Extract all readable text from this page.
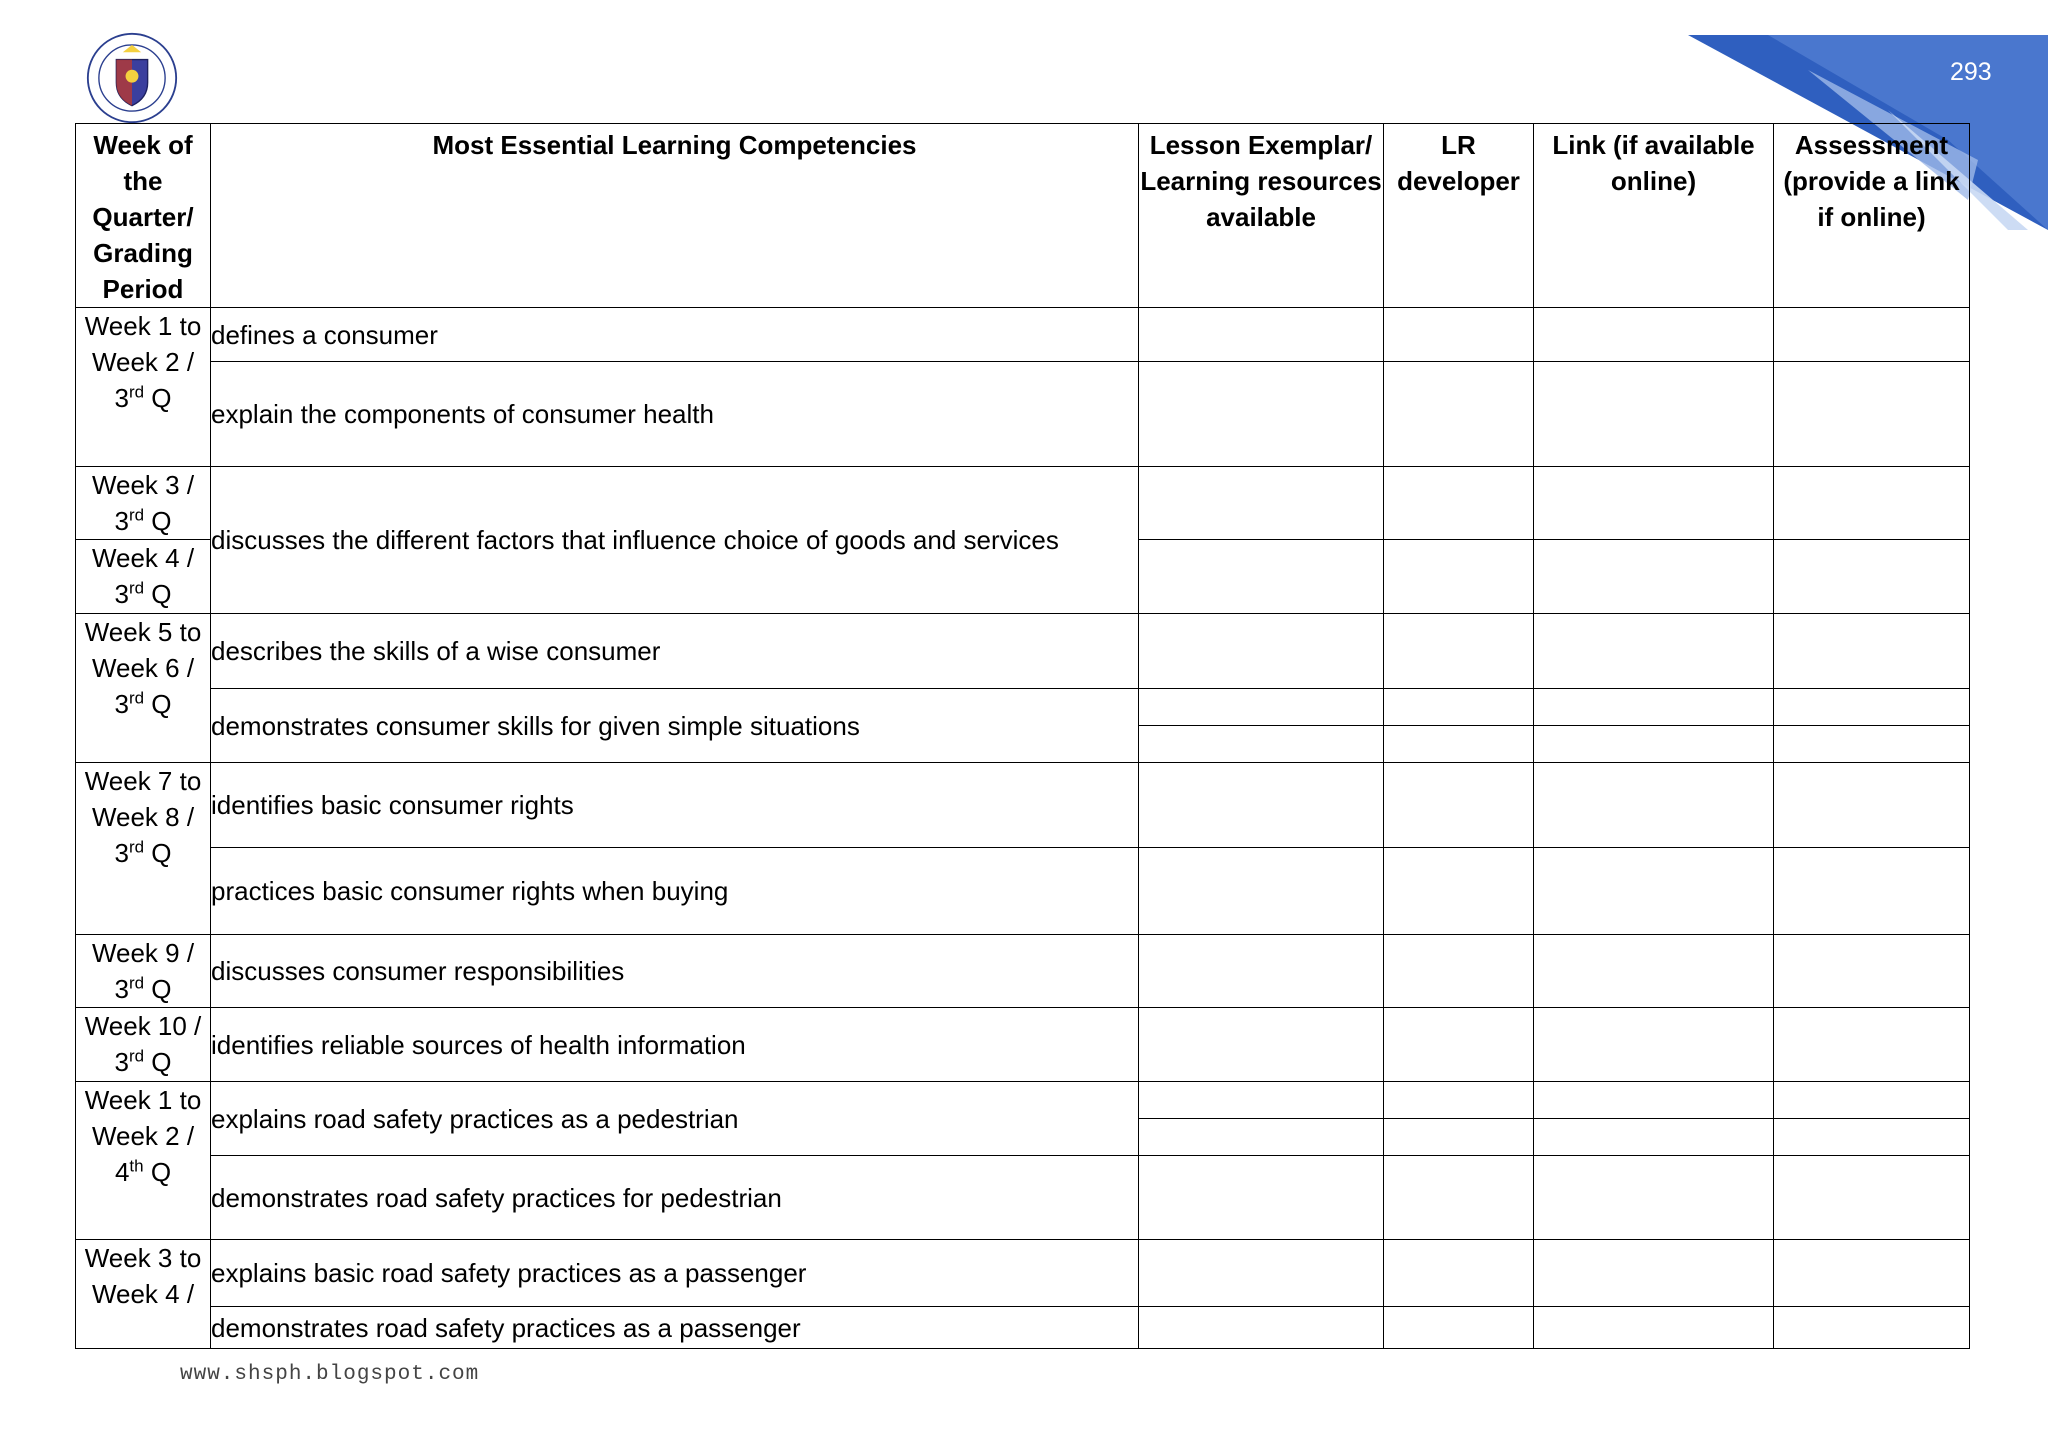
293
Week of the Quarter/ Grading Period	Most Essential Learning Competencies	Lesson Exemplar/ Learning resources available	LR developer	Link (if available online)	Assessment (provide a link if online)
Week 1 to Week 2 / 3rd Q	defines a consumer				
	explain the components of consumer health				
Week 3 / 3rd Q	discusses the different factors that influence choice of goods and services				
Week 4 / 3rd Q					
Week 5 to Week 6 / 3rd Q	describes the skills of a wise consumer				
	demonstrates consumer skills for given simple situations				

Week 7 to Week 8 / 3rd Q	identifies basic consumer rights				
	practices basic consumer rights when buying				
Week 9 / 3rd Q	discusses consumer responsibilities				
Week 10 / 3rd Q	identifies reliable sources of health information				
Week 1 to Week 2 / 4th Q	explains road safety practices as a pedestrian				

	demonstrates road safety practices for pedestrian				
Week 3 to Week 4 /	explains basic road safety practices as a passenger				
	demonstrates road safety practices as a passenger				
www.shsph.blogspot.com
